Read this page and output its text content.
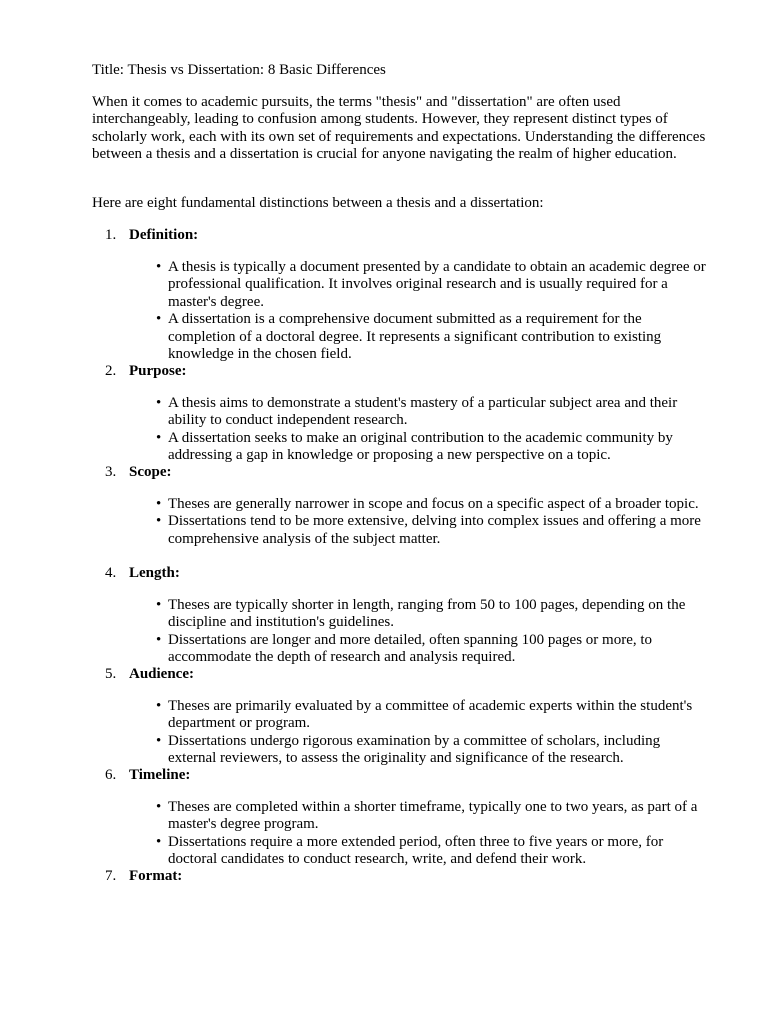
Title: Thesis vs Dissertation: 8 Basic Differences

When it comes to academic pursuits, the terms "thesis" and "dissertation" are often used interchangeably, leading to confusion among students. However, they represent distinct types of scholarly work, each with its own set of requirements and expectations. Understanding the differences between a thesis and a dissertation is crucial for anyone navigating the realm of higher education.

Here are eight fundamental distinctions between a thesis and a dissertation:

1. Definition:
• A thesis is typically a document presented by a candidate to obtain an academic degree or professional qualification. It involves original research and is usually required for a master's degree.
• A dissertation is a comprehensive document submitted as a requirement for the completion of a doctoral degree. It represents a significant contribution to existing knowledge in the chosen field.
2. Purpose:
• A thesis aims to demonstrate a student's mastery of a particular subject area and their ability to conduct independent research.
• A dissertation seeks to make an original contribution to the academic community by addressing a gap in knowledge or proposing a new perspective on a topic.
3. Scope:
• Theses are generally narrower in scope and focus on a specific aspect of a broader topic.
• Dissertations tend to be more extensive, delving into complex issues and offering a more comprehensive analysis of the subject matter.
4. Length:
• Theses are typically shorter in length, ranging from 50 to 100 pages, depending on the discipline and institution's guidelines.
• Dissertations are longer and more detailed, often spanning 100 pages or more, to accommodate the depth of research and analysis required.
5. Audience:
• Theses are primarily evaluated by a committee of academic experts within the student's department or program.
• Dissertations undergo rigorous examination by a committee of scholars, including external reviewers, to assess the originality and significance of the research.
6. Timeline:
• Theses are completed within a shorter timeframe, typically one to two years, as part of a master's degree program.
• Dissertations require a more extended period, often three to five years or more, for doctoral candidates to conduct research, write, and defend their work.
7. Format:
